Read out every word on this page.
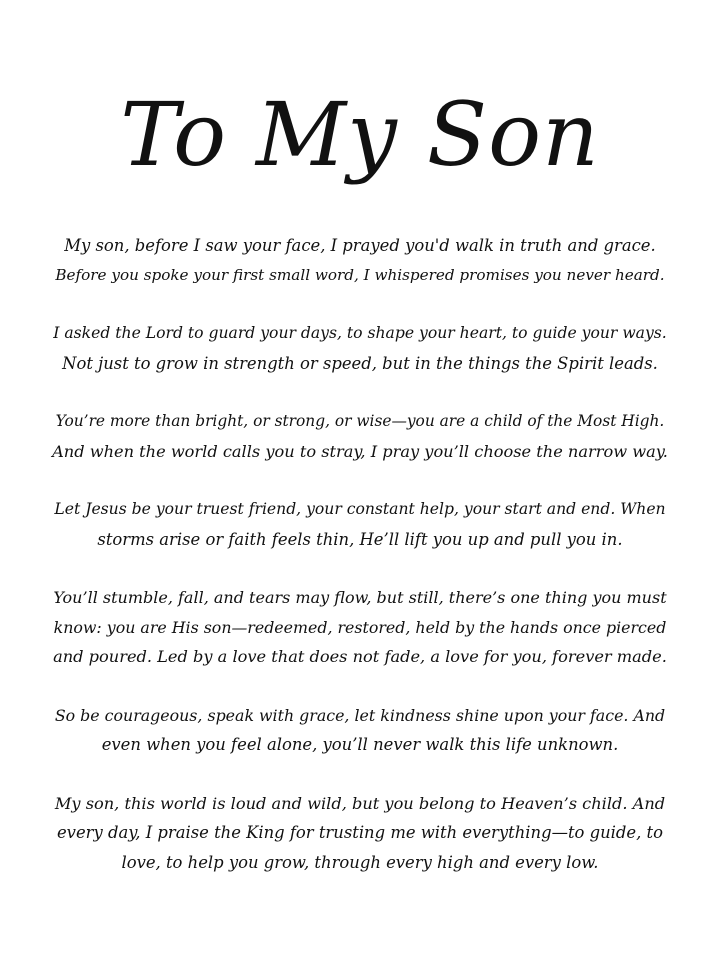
To My Son

My son, before I saw your face, I prayed you'd walk in truth and grace.
Before you spoke your first small word, I whispered promises you never heard.

I asked the Lord to guard your days, to shape your heart, to guide your ways.
Not just to grow in strength or speed, but in the things the Spirit leads.

You’re more than bright, or strong, or wise—you are a child of the Most High.
And when the world calls you to stray, I pray you’ll choose the narrow way.

Let Jesus be your truest friend, your constant help, your start and end. When
storms arise or faith feels thin, He’ll lift you up and pull you in.

You’ll stumble, fall, and tears may flow, but still, there’s one thing you must
know: you are His son—redeemed, restored, held by the hands once pierced
and poured. Led by a love that does not fade, a love for you, forever made.

So be courageous, speak with grace, let kindness shine upon your face. And
even when you feel alone, you’ll never walk this life unknown.

My son, this world is loud and wild, but you belong to Heaven’s child. And
every day, I praise the King for trusting me with everything—to guide, to
love, to help you grow, through every high and every low.
